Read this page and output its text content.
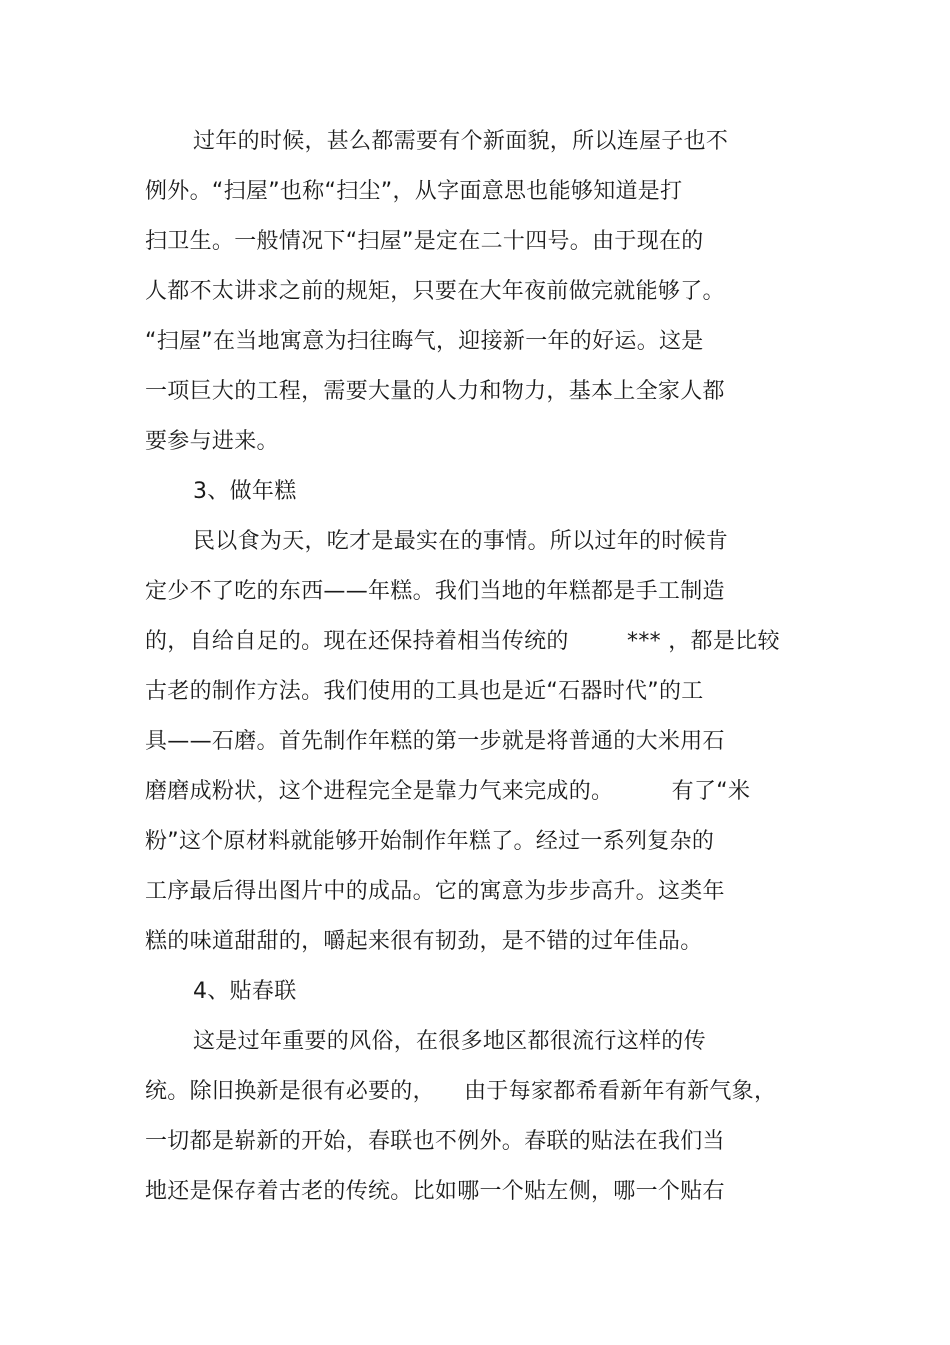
过年的时候，甚么都需要有个新面貌，所以连屋子也不
例外。“扫屋”也称“扫尘”，从字面意思也能够知道是打
扫卫生。一般情况下“扫屋”是定在二十四号。由于现在的
人都不太讲求之前的规矩，只要在大年夜前做完就能够了。
“扫屋”在当地寓意为扫往晦气，迎接新一年的好运。这是
一项巨大的工程，需要大量的人力和物力，基本上全家人都
要参与进来。
3、做年糕
民以食为天，吃才是最实在的事情。所以过年的时候肯
定少不了吃的东西——年糕。我们当地的年糕都是手工制造
的，自给自足的。现在还保持着相当传统的        *** ，都是比较
古老的制作方法。我们使用的工具也是近“石器时代”的工
具——石磨。首先制作年糕的第一步就是将普通的大米用石
磨磨成粉状，这个进程完全是靠力气来完成的。        有了“米
粉”这个原材料就能够开始制作年糕了。经过一系列复杂的
工序最后得出图片中的成品。它的寓意为步步高升。这类年
糕的味道甜甜的，嚼起来很有韧劲，是不错的过年佳品。
4、贴春联
这是过年重要的风俗，在很多地区都很流行这样的传
统。除旧换新是很有必要的，    由于每家都希看新年有新气象，
一切都是崭新的开始，春联也不例外。春联的贴法在我们当
地还是保存着古老的传统。比如哪一个贴左侧，哪一个贴右
